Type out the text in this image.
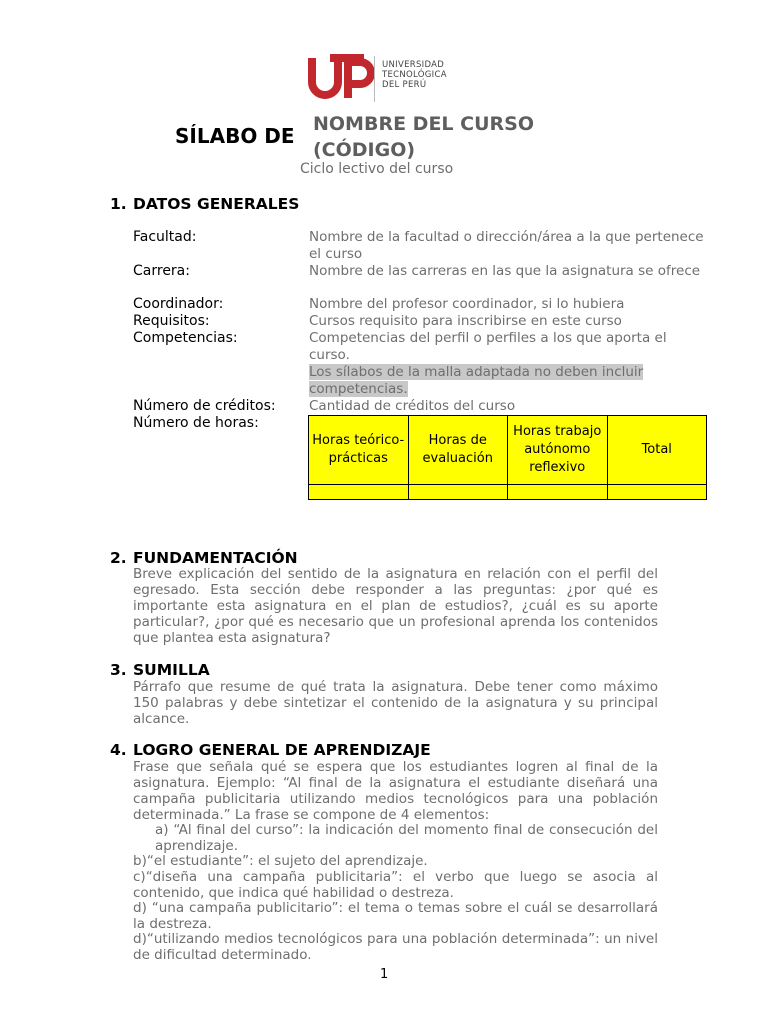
UNIVERSIDAD
TECNOLÓGICA
DEL PERÚ
SÍLABO DE NOMBRE DEL CURSO (CÓDIGO)
Ciclo lectivo del curso
1. DATOS GENERALES
Facultad:	Nombre de la facultad o dirección/área a la que pertenece el curso
Carrera:	Nombre de las carreras en las que la asignatura se ofrece
Coordinador:	Nombre del profesor coordinador, si lo hubiera
Requisitos:	Cursos requisito para inscribirse en este curso
Competencias:	Competencias del perfil o perfiles a los que aporta el curso.
Los sílabos de la malla adaptada no deben incluir competencias.
Número de créditos: Cantidad de créditos del curso
Número de horas:
Horas teórico-prácticas	Horas de evaluación	Horas trabajo autónomo reflexivo	Total

2. FUNDAMENTACIÓN
Breve explicación del sentido de la asignatura en relación con el perfil del egresado. Esta sección debe responder a las preguntas: ¿por qué es importante esta asignatura en el plan de estudios?, ¿cuál es su aporte particular?, ¿por qué es necesario que un profesional aprenda los contenidos que plantea esta asignatura?
3. SUMILLA
Párrafo que resume de qué trata la asignatura. Debe tener como máximo 150 palabras y debe sintetizar el contenido de la asignatura y su principal alcance.
4. LOGRO GENERAL DE APRENDIZAJE
Frase que señala qué se espera que los estudiantes logren al final de la asignatura. Ejemplo: “Al final de la asignatura el estudiante diseñará una campaña publicitaria utilizando medios tecnológicos para una población determinada.” La frase se compone de 4 elementos:
a) “Al final del curso”: la indicación del momento final de consecución del aprendizaje.
b)“el estudiante”: el sujeto del aprendizaje.
c)“diseña una campaña publicitaria”: el verbo que luego se asocia al contenido, que indica qué habilidad o destreza.
d) “una campaña publicitario”: el tema o temas sobre el cuál se desarrollará la destreza.
d)“utilizando medios tecnológicos para una población determinada”: un nivel de dificultad determinado.
1
